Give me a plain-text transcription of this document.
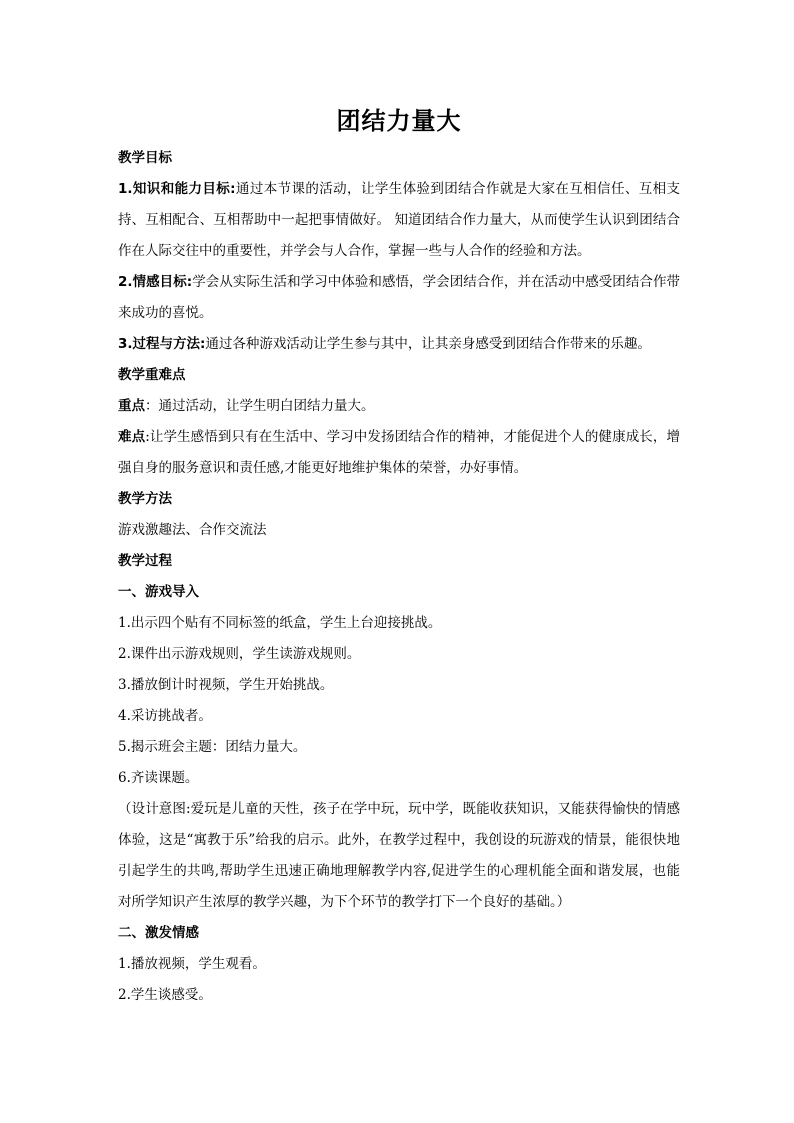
团结力量大

教学目标

1.知识和能力目标:通过本节课的活动，让学生体验到团结合作就是大家在互相信任、互相支持、互相配合、互相帮助中一起把事情做好。 知道团结合作力量大，从而使学生认识到团结合作在人际交往中的重要性，并学会与人合作，掌握一些与人合作的经验和方法。

2.情感目标:学会从实际生活和学习中体验和感悟，学会团结合作，并在活动中感受团结合作带来成功的喜悦。

3.过程与方法:通过各种游戏活动让学生参与其中，让其亲身感受到团结合作带来的乐趣。

教学重难点

重点：通过活动，让学生明白团结力量大。

难点:让学生感悟到只有在生活中、学习中发扬团结合作的精神，才能促进个人的健康成长，增强自身的服务意识和责任感,才能更好地维护集体的荣誉，办好事情。

教学方法

游戏激趣法、合作交流法

教学过程

一、游戏导入

1.出示四个贴有不同标签的纸盒，学生上台迎接挑战。

2.课件出示游戏规则，学生读游戏规则。

3.播放倒计时视频，学生开始挑战。

4.采访挑战者。

5.揭示班会主题：团结力量大。

6.齐读课题。

（设计意图:爱玩是儿童的天性，孩子在学中玩，玩中学，既能收获知识，又能获得愉快的情感体验，这是“寓教于乐”给我的启示。此外，在教学过程中，我创设的玩游戏的情景，能很快地引起学生的共鸣,帮助学生迅速正确地理解教学内容,促进学生的心理机能全面和谐发展，也能对所学知识产生浓厚的教学兴趣，为下个环节的教学打下一个良好的基础。）

二、激发情感

1.播放视频，学生观看。

2.学生谈感受。
